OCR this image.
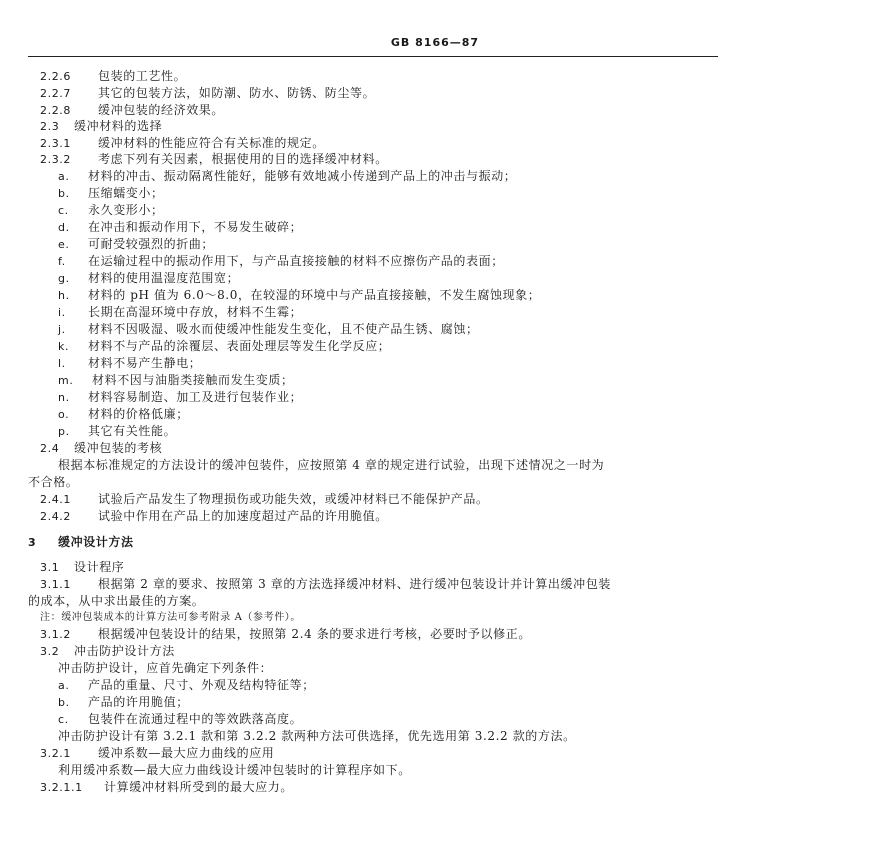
GB 8166—87
2.2.6 包装的工艺性。
2.2.7 其它的包装方法，如防潮、防水、防锈、防尘等。
2.2.8 缓冲包装的经济效果。
2.3 缓冲材料的选择
2.3.1 缓冲材料的性能应符合有关标准的规定。
2.3.2 考虑下列有关因素，根据使用的目的选择缓冲材料。
a. 材料的冲击、振动隔离性能好，能够有效地减小传递到产品上的冲击与振动；
b. 压缩蠕变小；
c. 永久变形小；
d. 在冲击和振动作用下，不易发生破碎；
e. 可耐受较强烈的折曲；
f. 在运输过程中的振动作用下，与产品直接接触的材料不应擦伤产品的表面；
g. 材料的使用温湿度范围宽；
h. 材料的 pH 值为 6.0～8.0，在较湿的环境中与产品直接接触，不发生腐蚀现象；
i. 长期在高湿环境中存放，材料不生霉；
j. 材料不因吸湿、吸水而使缓冲性能发生变化，且不使产品生锈、腐蚀；
k. 材料不与产品的涂覆层、表面处理层等发生化学反应；
l. 材料不易产生静电；
m. 材料不因与油脂类接触而发生变质；
n. 材料容易制造、加工及进行包装作业；
o. 材料的价格低廉；
p. 其它有关性能。
2.4 缓冲包装的考核
根据本标准规定的方法设计的缓冲包装件，应按照第 4 章的规定进行试验，出现下述情况之一时为
不合格。
2.4.1 试验后产品发生了物理损伤或功能失效，或缓冲材料已不能保护产品。
2.4.2 试验中作用在产品上的加速度超过产品的许用脆值。
3 缓冲设计方法
3.1 设计程序
3.1.1 根据第 2 章的要求、按照第 3 章的方法选择缓冲材料、进行缓冲包装设计并计算出缓冲包装
的成本，从中求出最佳的方案。
注：缓冲包装成本的计算方法可参考附录 A（参考件）。
3.1.2 根据缓冲包装设计的结果，按照第 2.4 条的要求进行考核，必要时予以修正。
3.2 冲击防护设计方法
冲击防护设计，应首先确定下列条件：
a. 产品的重量、尺寸、外观及结构特征等；
b. 产品的许用脆值；
c. 包装件在流通过程中的等效跌落高度。
冲击防护设计有第 3.2.1 款和第 3.2.2 款两种方法可供选择，优先选用第 3.2.2 款的方法。
3.2.1 缓冲系数—最大应力曲线的应用
利用缓冲系数—最大应力曲线设计缓冲包装时的计算程序如下。
3.2.1.1 计算缓冲材料所受到的最大应力。
